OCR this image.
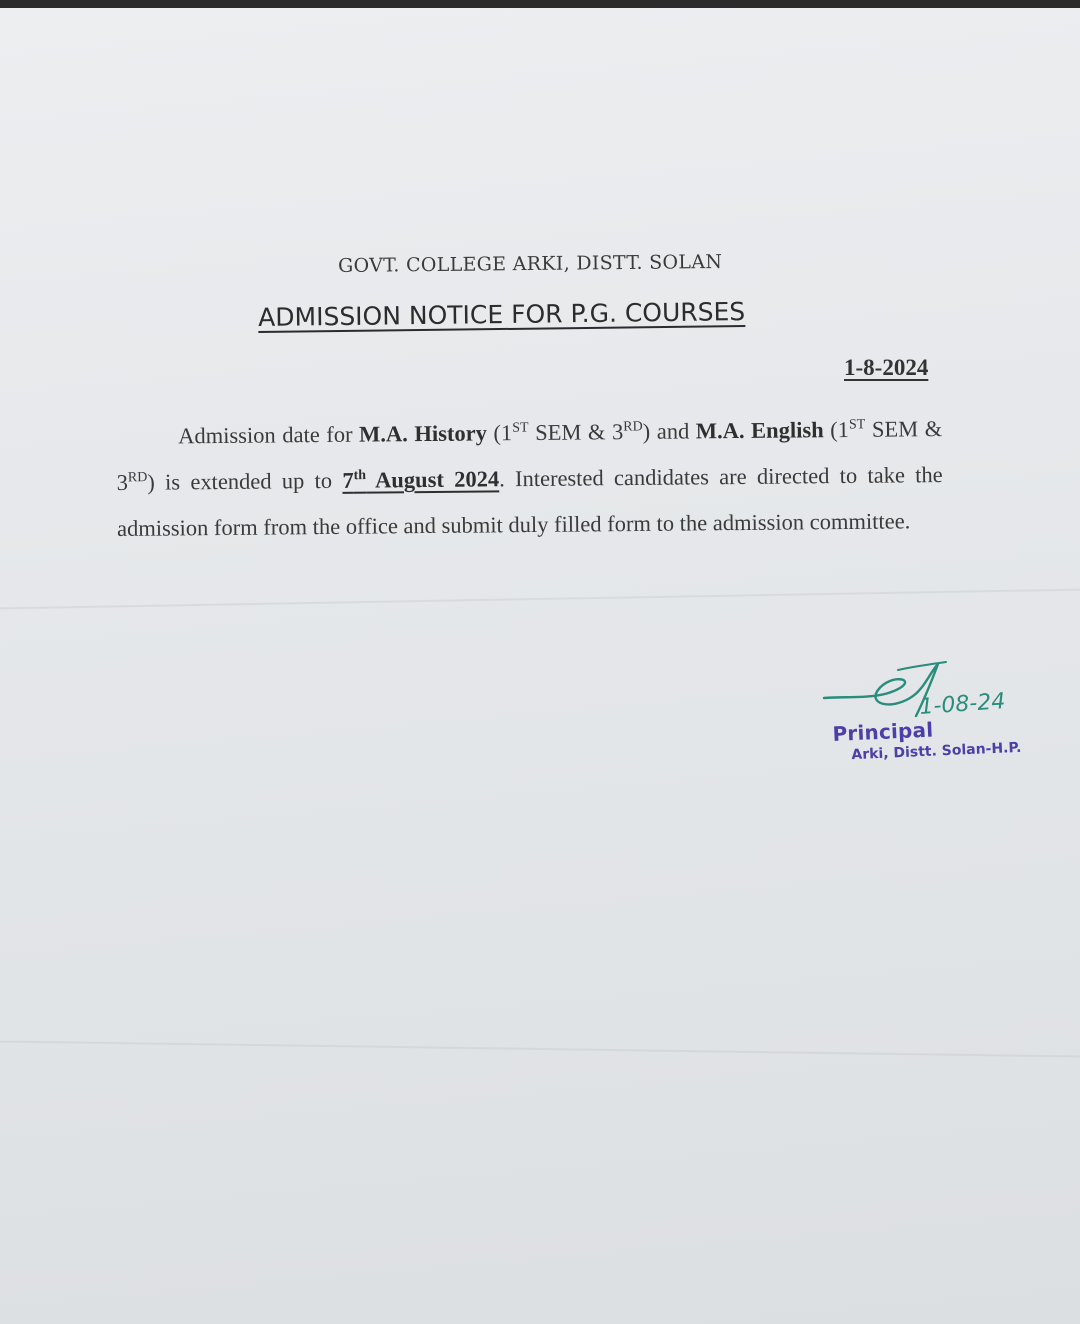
GOVT. COLLEGE ARKI, DISTT. SOLAN
ADMISSION NOTICE FOR P.G. COURSES
1-8-2024
Admission date for M.A. History (1ST SEM & 3RD) and M.A. English (1ST SEM & 3RD) is extended up to 7th August 2024. Interested candidates are directed to take the admission form from the office and submit duly filled form to the admission committee.
1-08-24
Principal
Arki, Distt. Solan-H.P.
